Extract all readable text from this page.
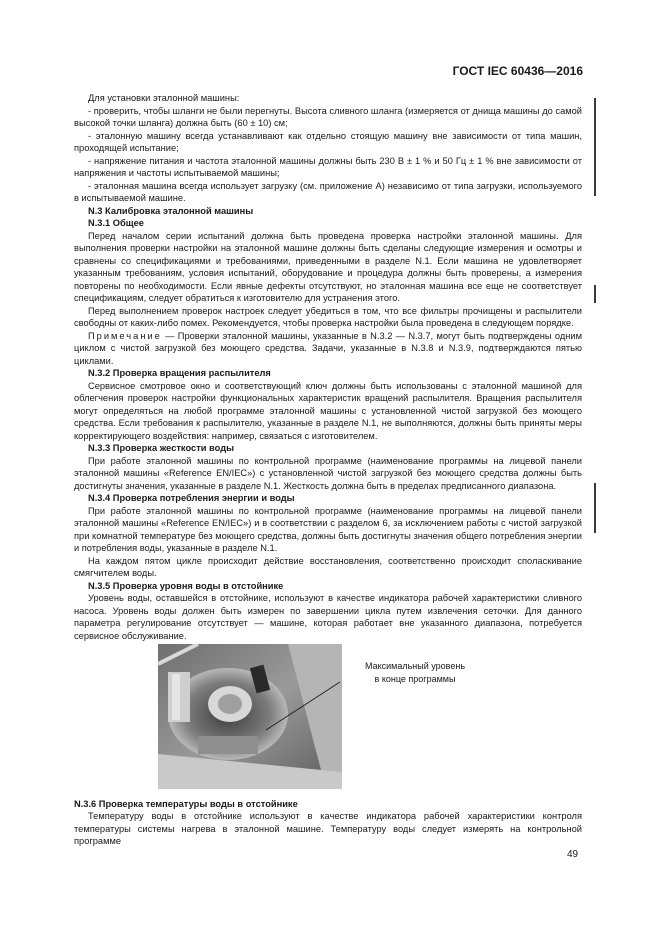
ГОСТ IEC 60436—2016

Для установки эталонной машины:

- проверить, чтобы шланги не были перегнуты. Высота сливного шланга (измеряется от днища машины до самой высокой точки шланга) должна быть (60 ± 10) см;

- эталонную машину всегда устанавливают как отдельно стоящую машину вне зависимости от типа машин, проходящей испытание;

- напряжение питания и частота эталонной машины должны быть 230 В ± 1 % и 50 Гц ± 1 % вне зависимости от напряжения и частоты испытываемой машины;

- эталонная машина всегда использует загрузку (см. приложение А) независимо от типа загрузки, используемого в испытываемой машине.

N.3 Калибровка эталонной машины

N.3.1 Общее

Перед началом серии испытаний должна быть проведена проверка настройки эталонной машины. Для выполнения проверки настройки на эталонной машине должны быть сделаны следующие измерения и осмотры и сравнены со спецификациями и требованиями, приведенными в разделе N.1. Если машина не удовлетворяет указанным требованиям, условия испытаний, оборудование и процедура должны быть проверены, а измерения повторены по необходимости. Если явные дефекты отсутствуют, но эталонная машина все еще не соответствует спецификациям, следует обратиться к изготовителю для устранения этого.

Перед выполнением проверок настроек следует убедиться в том, что все фильтры прочищены и распылители свободны от каких-либо помех. Рекомендуется, чтобы проверка настройки была проведена в следующем порядке.

Примечание — Проверки эталонной машины, указанные в N.3.2 — N.3.7, могут быть подтверждены одним циклом с чистой загрузкой без моющего средства. Задачи, указанные в N.3.8 и N.3.9, подтверждаются пятью циклами.

N.3.2 Проверка вращения распылителя

Сервисное смотровое окно и соответствующий ключ должны быть использованы с эталонной машиной для облегчения проверок настройки функциональных характеристик вращений распылителя. Вращения распылителя могут определяться на любой программе эталонной машины с установленной чистой загрузкой без моющего средства. Если требования к распылителю, указанные в разделе N.1, не выполняются, должны быть приняты меры корректирующего воздействия: например, связаться с изготовителем.

N.3.3 Проверка жесткости воды

При работе эталонной машины по контрольной программе (наименование программы на лицевой панели эталонной машины «Reference EN/IEC») с установленной чистой загрузкой без моющего средства должны быть достигнуты значения, указанные в разделе N.1. Жесткость должна быть в пределах предписанного диапазона.

N.3.4 Проверка потребления энергии и воды

При работе эталонной машины по контрольной программе (наименование программы на лицевой панели эталонной машины «Reference EN/IEC») и в соответствии с разделом 6, за исключением работы с чистой загрузкой при комнатной температуре без моющего средства, должны быть достигнуты значения общего потребления энергии и потребления воды, указанные в разделе N.1.

На каждом пятом цикле происходит действие восстановления, соответственно происходит споласкивание смягчителем воды.

N.3.5 Проверка уровня воды в отстойнике

Уровень воды, оставшейся в отстойнике, используют в качестве индикатора рабочей характеристики сливного насоса. Уровень воды должен быть измерен по завершении цикла путем извлечения сеточки. Для данного параметра регулирование отсутствует — машине, которая работает вне указанного диапазона, потребуется сервисное обслуживание.

Максимальный уровень
в конце программы

N.3.6 Проверка температуры воды в отстойнике

Температуру воды в отстойнике используют в качестве индикатора рабочей характеристики контроля температуры системы нагрева в эталонной машине. Температуру воды следует измерять на контрольной программе

49
